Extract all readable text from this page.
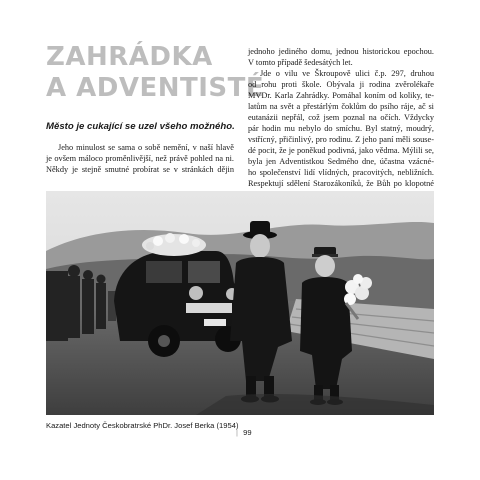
ZAHRÁDKA
A ADVENTISTÉ

Město je cukající se uzel všeho možného.

Jeho minulost se sama o sobě nemění, v naší hlavě
je ovšem máloco proměnlivější, než právě pohled na ni.
Někdy je stejně smutné probírat se v stránkách dějin

jednoho jediného domu, jednou historickou epochou.
V tomto případě šedesátých let.
Jde o vilu ve Škroupově ulici č.p. 297, druhou
od rohu proti škole. Obývala ji rodina zvěrolékaře
MVDr. Karla Zahrádky. Pomáhal koním od koliky, te-
latům na svět a přestárlým čoklům do psího ráje, ač si
eutanázii nepřál, což jsem poznal na očích. Vždycky
pár hodin mu nebylo do smíchu. Byl statný, moudrý,
vstřícný, přičinlivý, pro rodinu. Z jeho paní měli souse-
dé pocit, že je poněkud podivná, jako vědma. Mýlili se,
byla jen Adventistkou Sedmého dne, účastna vzácné-
ho společenství lidí vlídných, pracovitých, nebližních.
Respektují sdělení Starozákoníků, že Bůh po klopotné

Kazatel Jednoty Českobratrské PhDr. Josef Berka (1954)
| 99
